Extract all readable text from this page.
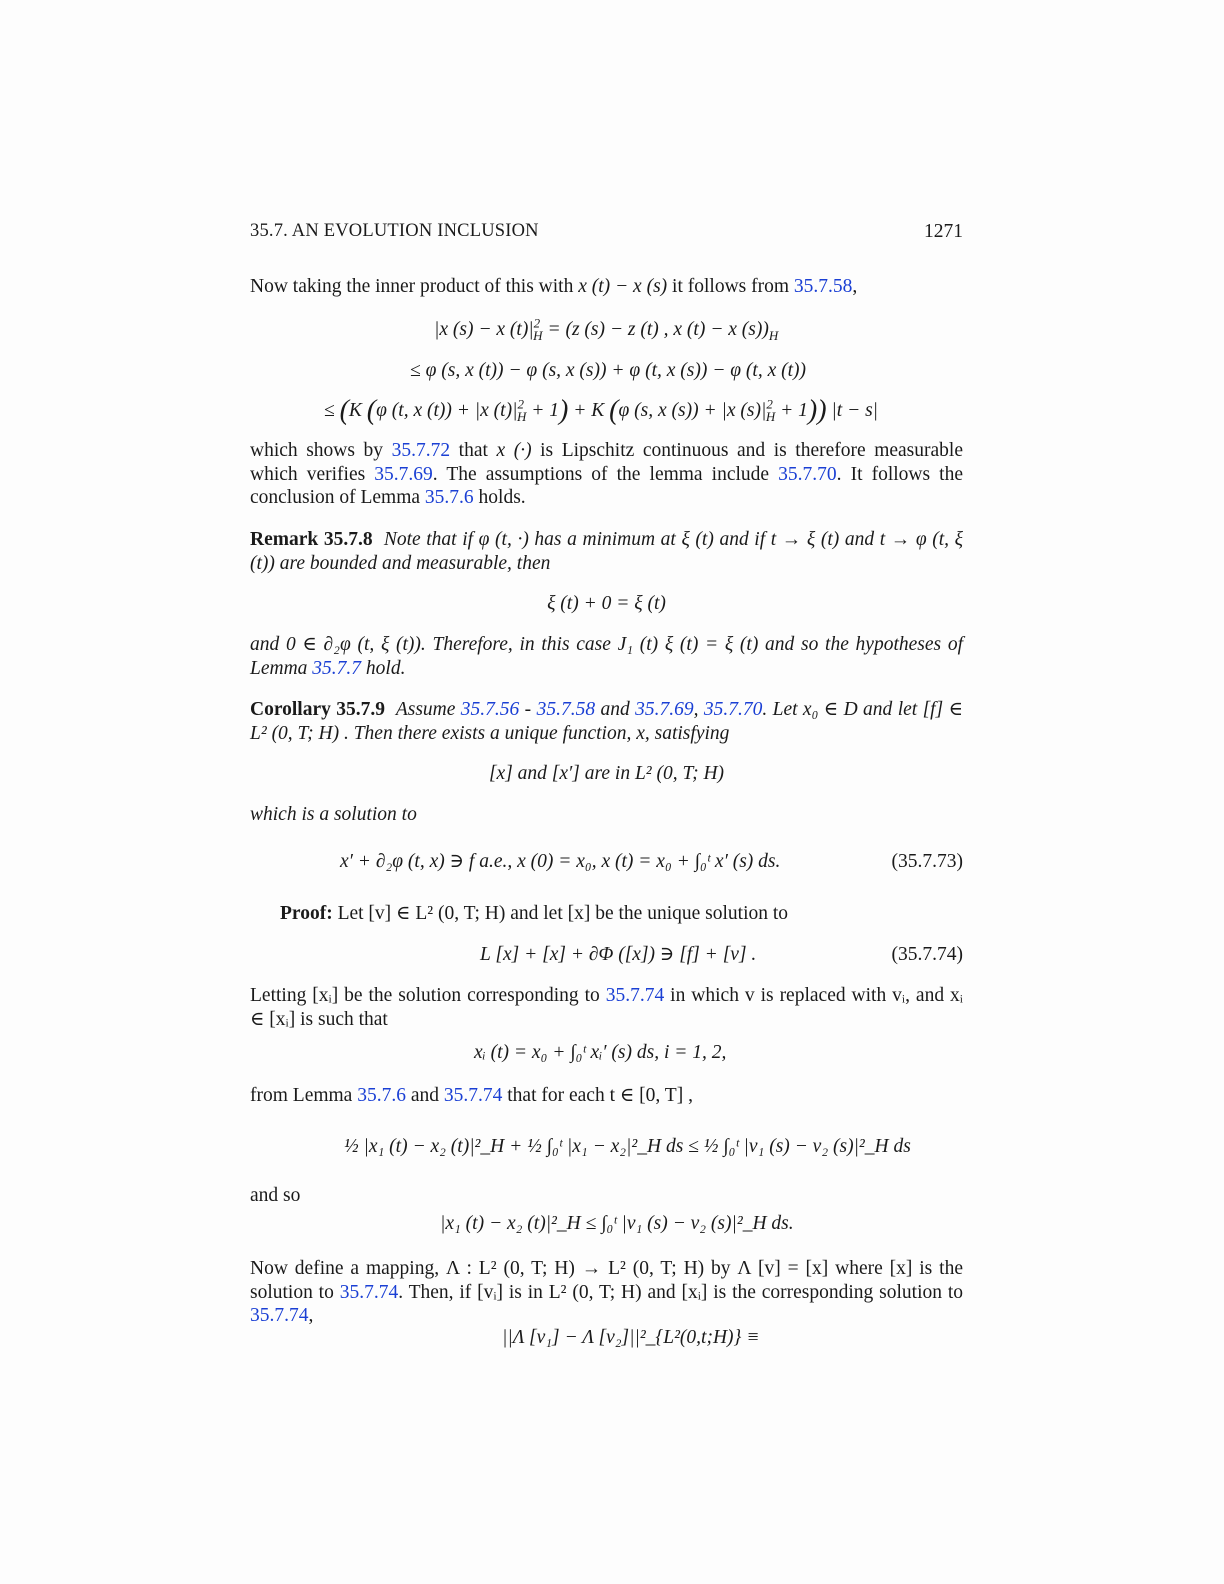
35.7. AN EVOLUTION INCLUSION	1271
Now taking the inner product of this with x (t) − x (s) it follows from 35.7.58,
|x (s) − x $(t)|^2_H = (z$ (s) − z (t) , x (t) − x $(s))_H$
≤ φ (s, x (t)) − φ (s, x (s)) + φ (t, x (s)) − φ (t, x (t))
≤ (K (φ (t, x (t)) + |x $(t)|^2_H + 1) + K$ (φ (s, x (s)) + |x $(s)|^2_H + 1$)) |t − s|
which shows by 35.7.72 that x (·) is Lipschitz continuous and is therefore measurable which verifies 35.7.69. The assumptions of the lemma include 35.7.70. It follows the conclusion of Lemma 35.7.6 holds.
Remark 35.7.8 Note that if φ (t, ·) has a minimum at ξ (t) and if t → ξ (t) and t → φ (t, ξ (t)) are bounded and measurable, then
ξ (t) + 0 = ξ (t)
and 0 ∈ ∂₂φ (t, ξ (t)). Therefore, in this case J₁ (t) ξ (t) = ξ (t) and so the hypotheses of Lemma 35.7.7 hold.
Corollary 35.7.9 Assume 35.7.56 - 35.7.58 and 35.7.69, 35.7.70. Let x₀ ∈ D and let [f] ∈ L² (0, T; H) . Then there exists a unique function, x, satisfying
[x] and [x′] are in L² (0, T; H)
which is a solution to
x′ + ∂₂φ (t, x) ∋ f a.e., x (0) = x₀, x (t) = x₀ + ∫₀ᵗ x′ (s) ds.	(35.7.73)
Proof: Let [v] ∈ L² (0, T; H) and let [x] be the unique solution to
L [x] + [x] + ∂Φ ([x]) ∋ [f] + [v] .	(35.7.74)
Letting [xᵢ] be the solution corresponding to 35.7.74 in which v is replaced with vᵢ, and xᵢ ∈ [xᵢ] is such that
xᵢ (t) = x₀ + ∫₀ᵗ xᵢ′ (s) ds, i = 1, 2,
from Lemma 35.7.6 and 35.7.74 that for each t ∈ [0, T] ,
½ |x₁ (t) − x₂ (t)|²_H + ½ ∫₀ᵗ |x₁ − x₂|²_H ds ≤ ½ ∫₀ᵗ |v₁ (s) − v₂ (s)|²_H ds
and so
|x₁ (t) − x₂ (t)|²_H ≤ ∫₀ᵗ |v₁ (s) − v₂ (s)|²_H ds.
Now define a mapping, Λ : L² (0, T; H) → L² (0, T; H) by Λ [v] = [x] where [x] is the solution to 35.7.74. Then, if [vᵢ] is in L² (0, T; H) and [xᵢ] is the corresponding solution to 35.7.74,
||Λ [v₁] − Λ [v₂]||²_{L²(0,t;H)} ≡
